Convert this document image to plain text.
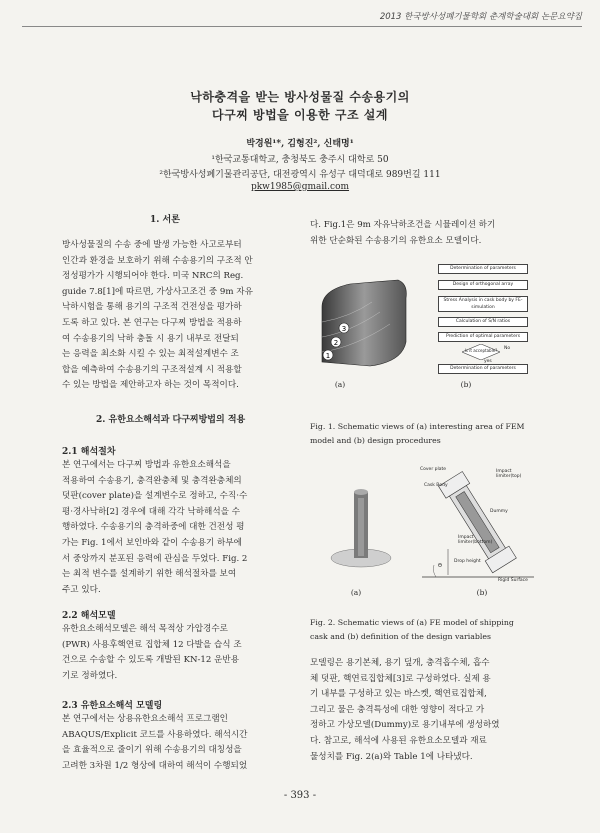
2013 한국방사성폐기물학회 춘계학술대회 논문요약집
낙하충격을 받는 방사성물질 수송용기의
다구찌 방법을 이용한 구조 설계
박경원¹*, 김형진², 신태명¹
¹한국교통대학교, 충청북도 충주시 대학로 50
²한국방사성폐기물관리공단, 대전광역시 유성구 대덕대로 989번길 111
pkw1985@gmail.com
1. 서론

방사성물질의 수송 중에 발생 가능한 사고로부터

인간과 환경을 보호하기 위해 수송용기의 구조적 안

정성평가가 시행되어야 한다. 미국 NRC의 Reg.

guide 7.8[1]에 따르면, 가상사고조건 중 9m 자유

낙하시험을 통해 용기의 구조적 건전성을 평가하

도록 하고 있다. 본 연구는 다구찌 방법을 적용하

여 수송용기의 낙하 충돌 시 용기 내부로 전달되

는 응력을 최소화 시킬 수 있는 최적설계변수 조

합을 예측하여 수송용기의 구조적설계 시 적용할

수 있는 방법을 제안하고자 하는 것이 목적이다.

2. 유한요소해석과 다구찌방법의 적용
2.1 해석절차

본 연구에서는 다구찌 방법과 유한요소해석을

적용하여 수송용기, 충격완충체 및 충격완충체의

덧판(cover plate)을 설계변수로 정하고, 수직·수

평·경사낙하[2] 경우에 대해 각각 낙하해석을 수

행하였다. 수송용기의 충격하중에 대한 건전성 평

가는 Fig. 1에서 보인바와 같이 수송용기 하부에

서 중앙까지 분포된 응력에 관심을 두었다. Fig. 2

는 최적 변수를 설계하기 위한 해석절차를 보여

주고 있다.

2.2 해석모델

유한요소해석모델은 해석 목적상 가압경수로

(PWR) 사용후핵연료 집합체 12 다발을 습식 조

건으로 수송할 수 있도록 개발된 KN-12 운반용

기로 정하였다.

2.3 유한요소해석 모델링

본 연구에서는 상용유한요소해석 프로그램인

ABAQUS/Explicit 코드를 사용하였다. 해석시간

을 효율적으로 줄이기 위해 수송용기의 대칭성을

고려한 3차원 1/2 형상에 대하여 해석이 수행되었

다. Fig.1은 9m 자유낙하조건을 시뮬레이션 하기

위한 단순화된 수송용기의 유한요소 모델이다.

3
2
1
Determination of parameters
Design of orthogonal array
Stress Analysis in cask body by FE-simulation
Calculation of S/N ratios
Prediction of optimal parameters
Is it acceptable?	No
yes
Determination of parameters
(a)	(b)
Fig. 1. Schematic views of (a) interesting area of FEM
model and (b) design procedures
Cover plate	Impact limiter(top)
Cask Body
Dummy
Impact limiter(bottom)
Drop height
Rigid Surface
Θ
(a)	(b)
Fig. 2. Schematic views of (a) FE model of shipping
cask and (b) definition of the design variables

모델링은 용기본체, 용기 덮개, 충격흡수체, 흡수

체 덧판, 핵연료집합체[3]로 구성하였다. 실제 용

기 내부를 구성하고 있는 바스켓, 핵연료집합체,

그리고 물은 충격특성에 대한 영향이 적다고 가

정하고 가상모델(Dummy)로 용기내부에 생성하였

다. 참고로, 해석에 사용된 유한요소모델과 재료

물성치를 Fig. 2(a)와 Table 1에 나타냈다.

- 393 -
